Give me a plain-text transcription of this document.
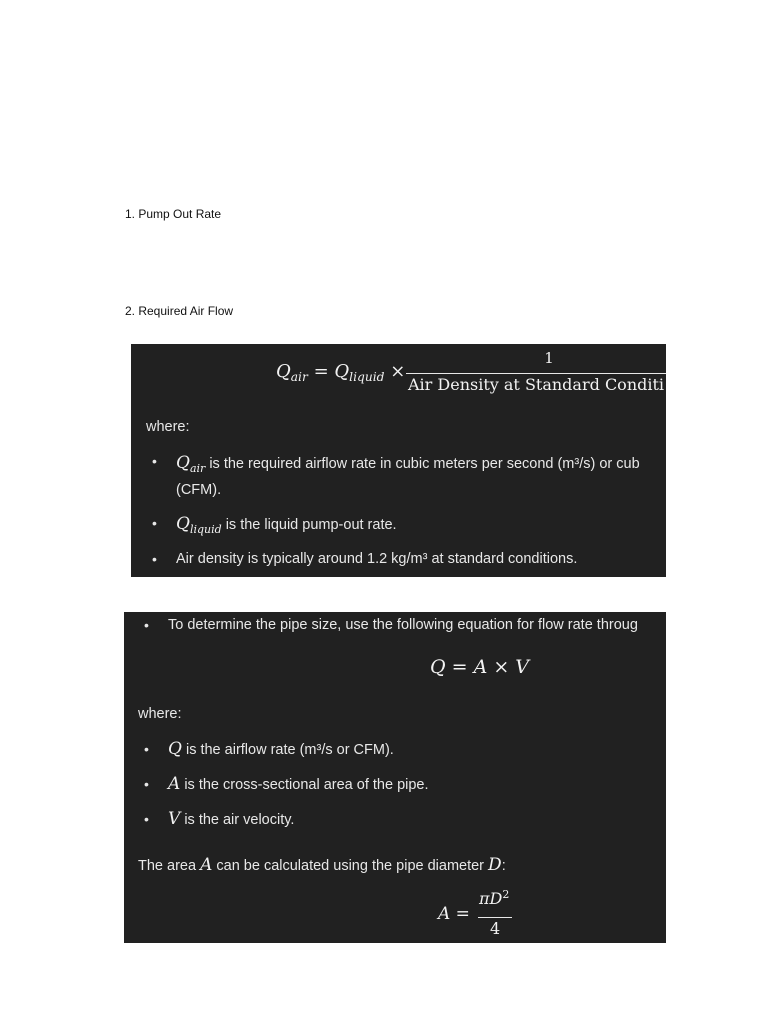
1. Pump Out Rate
2. Required Air Flow
$Q_{air} = Q_{liquid}$ ×
1
Air Density at Standard Conditi
where:
• $Q_{air}$ is the required airflow rate in cubic meters per second (m³/s) or cub
(CFM).
• $Q_{liquid}$ is the liquid pump-out rate.
• Air density is typically around 1.2 kg/m³ at standard conditions.
• To determine the pipe size, use the following equation for flow rate throug
Q = A × V
where:
• Q is the airflow rate (m³/s or CFM).
• A is the cross-sectional area of the pipe.
• V is the air velocity.
The area A can be calculated using the pipe diameter D:
A =
$\pi D^2$
4
